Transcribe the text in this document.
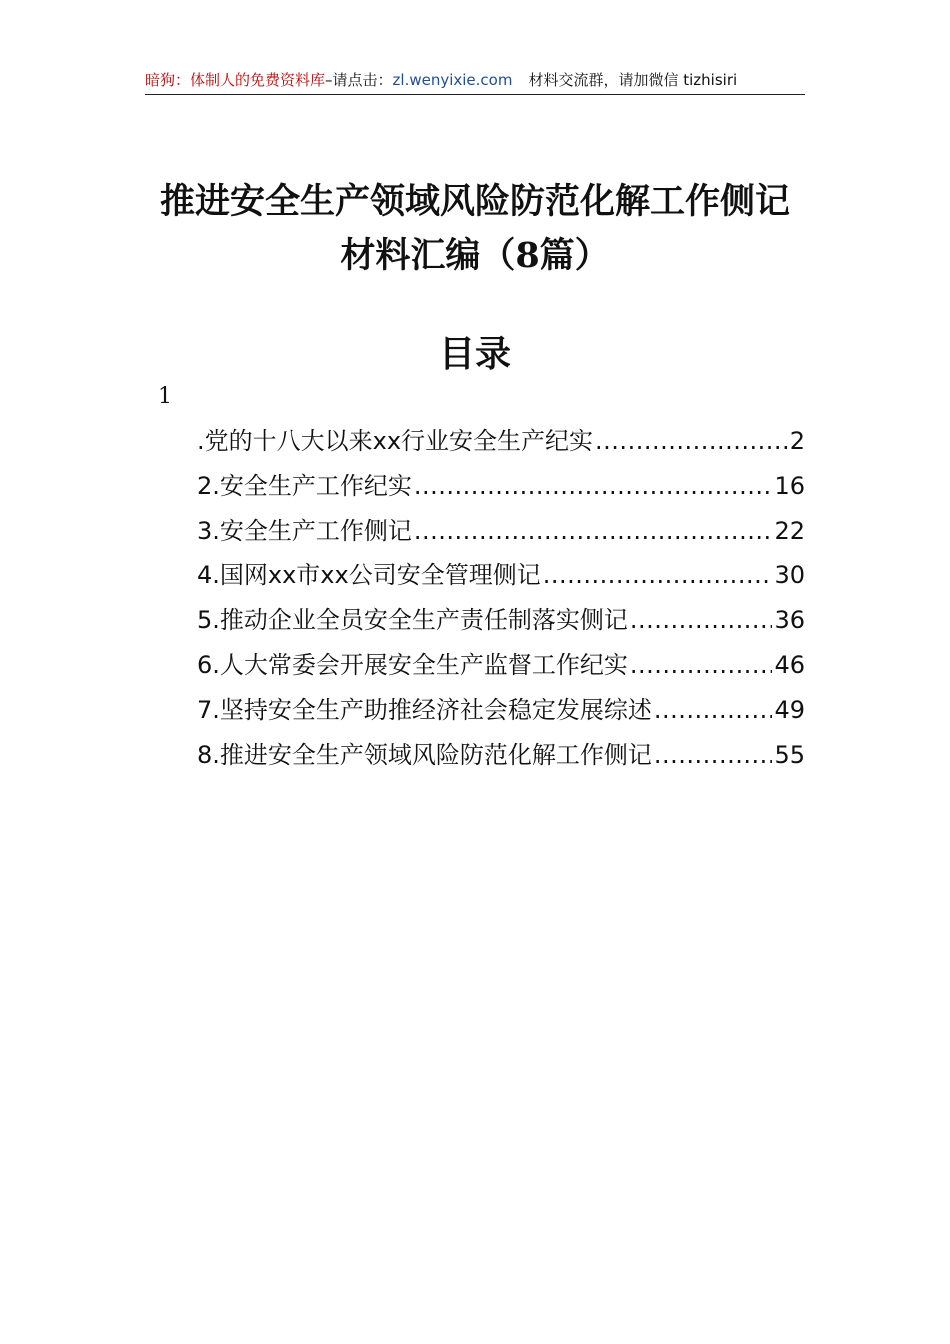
暗狗：体制人的免费资料库–请点击：zl.wenyixie.com 材料交流群，请加微信 tizhisiri
推进安全生产领域风险防范化解工作侧记
材料汇编（8篇）
目录
1
.党的十八大以来xx行业安全生产纪实 .....	2
2.安全生产工作纪实 .....	16
3.安全生产工作侧记 .....	22
4.国网xx市xx公司安全管理侧记 .....	30
5.推动企业全员安全生产责任制落实侧记 .....	36
6.人大常委会开展安全生产监督工作纪实 .....	46
7.坚持安全生产助推经济社会稳定发展综述 .....	49
8.推进安全生产领域风险防范化解工作侧记 .....	55
